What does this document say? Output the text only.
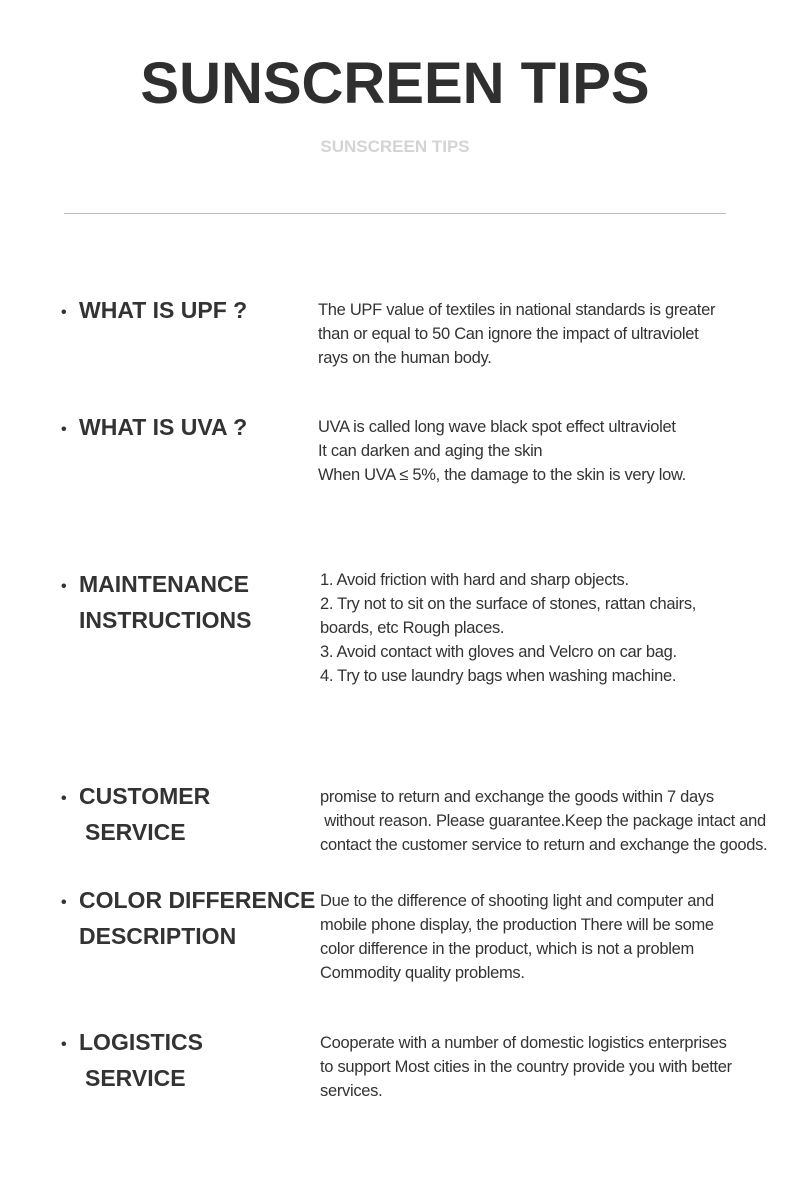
SUNSCREEN TIPS
SUNSCREEN TIPS
• WHAT IS UPF ?	The UPF value of textiles in national standards is greater
than or equal to 50 Can ignore the impact of ultraviolet
rays on the human body.
• WHAT IS UVA ?	UVA is called long wave black spot effect ultraviolet
It can darken and aging the skin
When UVA ≤ 5%, the damage to the skin is very low.
• MAINTENANCE
INSTRUCTIONS
1. Avoid friction with hard and sharp objects.
2. Try not to sit on the surface of stones, rattan chairs,
boards, etc Rough places.
3. Avoid contact with gloves and Velcro on car bag.
4. Try to use laundry bags when washing machine.
• CUSTOMER
SERVICE
promise to return and exchange the goods within 7 days
without reason. Please guarantee.Keep the package intact and
contact the customer service to return and exchange the goods.
• COLOR DIFFERENCE
DESCRIPTION
Due to the difference of shooting light and computer and
mobile phone display, the production There will be some
color difference in the product, which is not a problem
Commodity quality problems.
• LOGISTICS
SERVICE
Cooperate with a number of domestic logistics enterprises
to support Most cities in the country provide you with better
services.
